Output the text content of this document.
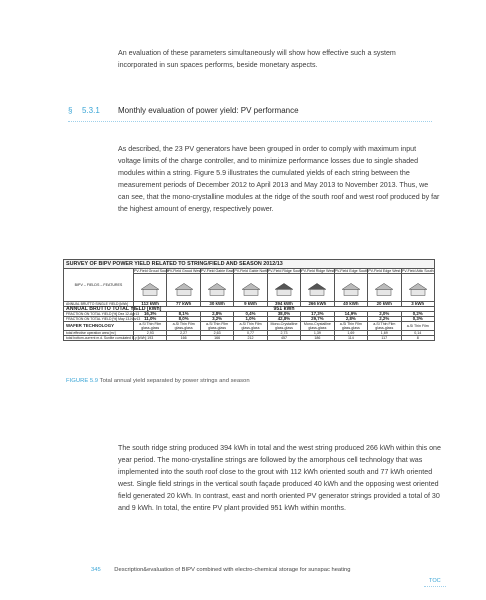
An evaluation of these parameters simultaneously will show how effective such a system incorporated in sun spaces performs, beside monetary aspects.

§ 5.3.1 Monthly evaluation of power yield: PV performance

As described, the 23 PV generators have been grouped in order to comply with maximum input voltage limits of the charge controller, and to minimize performance losses due to single shaded modules within a string. Figure 5.9 illustrates the cumulated yields of each string between the measurement periods of December 2012 to April 2013 and May 2013 to November 2013. Thus, we can see, that the mono-crystalline modules at the ridge of the south roof and west roof produced by far the highest amount of energy, respectively power.

SURVEY OF BIPV POWER YIELD RELATED TO STRING/FIELD AND SEASON 2012/13									
BIPV – FIELDS – FEATURES	PV-Field Groud South	PV-Field Groud West	PV-Field Gable East	PV-Field Gable North	PV-Field Ridge South	PV-Field Ridge West	PV-Field Edge South	PV-Field Edge West	PV-Field Attic South

ANNUAL BRUTTO SINGLE YIELD [kWh]	112 kWh	77 kWh	30 kWh	9 kWh	394 kWh	266 kWh	40 kWh	20 kWh	3 kWh
ANNUAL BRUTTO TOTAL YIELD [kWh]	951 kWh								
FRACTION ON TOTAL YIELD [%] Dez 12-Apr13	16,3%	8,1%	2,8%	0,4%	38,0%	17,3%	14,9%	2,0%	0,2%
FRACTION ON TOTAL YIELD [%] May 13-Nov13	11,0%	8,0%	3,2%	1,0%	42,8%	29,7%	2,8%	2,2%	0,3%
WAFER TECHNOLOGY	a-Si Thin Film glass-glass	a-Si Thin Film glass-glass	a-Si Thin Film glass-glass	a-Si Thin Film glass-glass	Mono-Crystalline glass-glass	Mono-Crystalline glass-glass	a-Si Thin Film glass-glass	a-Si Thin Film glass-glass	a-Si Thin Film
total effective operation area [m²]	2,93	2,27	2,63	0,77	2,73	1,39	1,69	1,69	0,14
total bottom-current m.d. Sunlite cumulated B.y [kWh]	193	166	166	212	457	186	114	117	8
FIGURE 5.9 Total annual yield separated by power strings and season

The south ridge string produced 394 kWh in total and the west string produced 266 kWh within this one year period. The mono-crystalline strings are followed by the amorphous cell technology that was implemented into the south roof close to the grout with 112 kWh oriented south and 77 kWh oriented west. Single field strings in the vertical south façade produced 40 kWh and the opposing west oriented field generated 20 kWh. In contrast, east and north oriented PV generator strings provided a total of 30 and 9 kWh. In total, the entire PV plant provided 951 kWh within months.

345 Description&evaluation of BIPV combined with electro-chemical storage for sunspac heating
TOC
